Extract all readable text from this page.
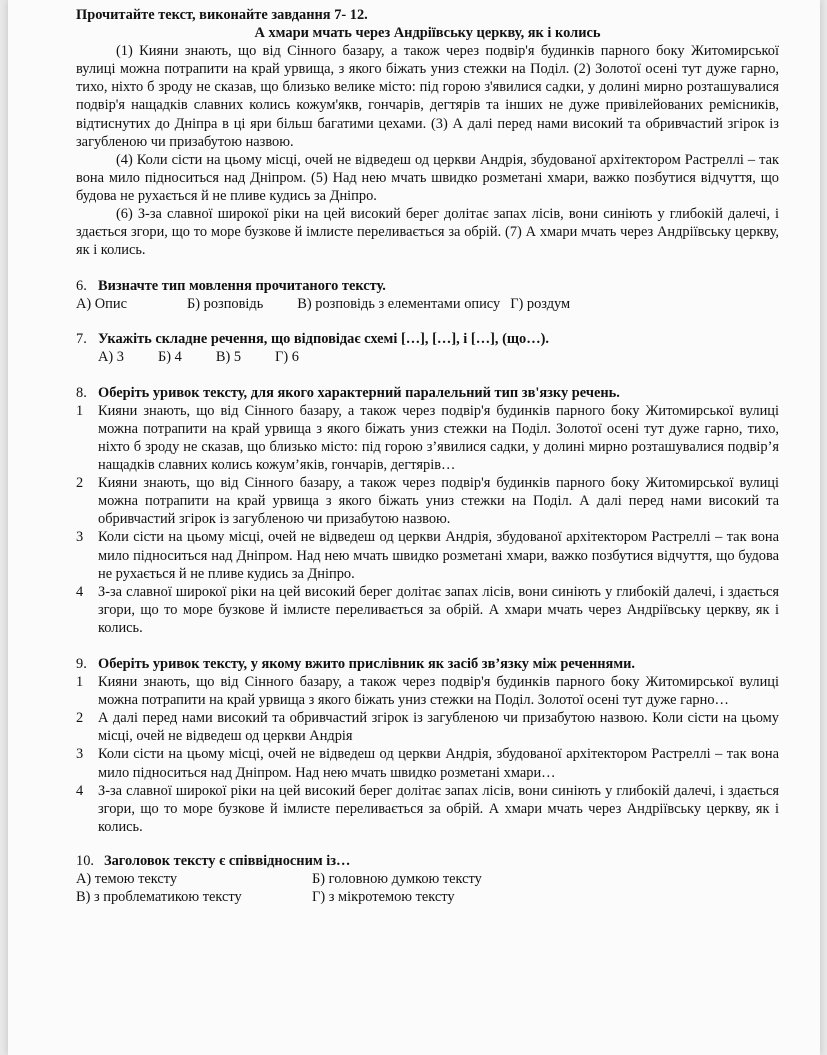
Прочитайте текст, виконайте завдання 7- 12.

А хмари мчать через Андріївську церкву, як і колись

(1) Кияни знають, що від Сінного базару, а також через подвір'я будинків парного боку Житомирської вулиці можна потрапити на край урвища, з якого біжать униз стежки на Поділ. (2) Золотої осені тут дуже гарно, тихо, ніхто б зроду не сказав, що близько велике місто: під горою з'явилися садки, у долині мирно розташувалися подвір'я нащадків славних колись кожум'якв, гончарів, дегтярів та інших не дуже привілейованих ремісників, відтиснутих до Дніпра в ці яри більш багатими цехами. (3) А далі перед нами високий та обривчастий згірок із загубленою чи призабутою назвою.

(4) Коли сісти на цьому місці, очей не відведеш од церкви Андрія, збудованої архітектором Растреллі – так вона мило підноситься над Дніпром. (5) Над нею мчать швидко розметані хмари, важко позбутися відчуття, що будова не рухається й не пливе кудись за Дніпро.

(6) З-за славної широкої ріки на цей високий берег долітає запах лісів, вони синіють у глибокій далечі, і здається згори, що то море бузкове й імлисте переливається за обрій. (7) А хмари мчать через Андріївську церкву, як і колись.

6. Визначте тип мовлення прочитаного тексту.
А) Опис	Б) розповідь В) розповідь з елементами опису Г) роздум
7. Укажіть складне речення, що відповідає схемі […], […], і […], (що…).
А) 3 Б) 4 В) 5 Г) 6
8. Оберіть уривок тексту, для якого характерний паралельний тип зв'язку речень.
1	Кияни знають, що від Сінного базару, а також через подвір'я будинків парного боку Житомирської вулиці можна потрапити на край урвища з якого біжать униз стежки на Поділ. Золотої осені тут дуже гарно, тихо, ніхто б зроду не сказав, що близько місто: під горою з’явилися садки, у долині мирно розташувалися подвір’я нащадків славних колись кожум’яків, гончарів, дегтярів…
2	Кияни знають, що від Сінного базару, а також через подвір'я будинків парного боку Житомирської вулиці можна потрапити на край урвища з якого біжать униз стежки на Поділ. А далі перед нами високий та обривчастий згірок із загубленою чи призабутою назвою.
3	Коли сісти на цьому місці, очей не відведеш од церкви Андрія, збудованої архітектором Растреллі – так вона мило підноситься над Дніпром. Над нею мчать швидко розметані хмари, важко позбутися відчуття, що будова не рухається й не пливе кудись за Дніпро.
4	З-за славної широкої ріки на цей високий берег долітає запах лісів, вони синіють у глибокій далечі, і здається згори, що то море бузкове й імлисте переливається за обрій. А хмари мчать через Андріївську церкву, як і колись.
9. Оберіть уривок тексту, у якому вжито прислівник як засіб зв’язку між реченнями.
1	Кияни знають, що від Сінного базару, а також через подвір'я будинків парного боку Житомирської вулиці можна потрапити на край урвища з якого біжать униз стежки на Поділ. Золотої осені тут дуже гарно…
2	А далі перед нами високий та обривчастий згірок із загубленою чи призабутою назвою. Коли сісти на цьому місці, очей не відведеш од церкви Андрія
3	Коли сісти на цьому місці, очей не відведеш од церкви Андрія, збудованої архітектором Растреллі – так вона мило підноситься над Дніпром. Над нею мчать швидко розметані хмари…
4	З-за славної широкої ріки на цей високий берег долітає запах лісів, вони синіють у глибокій далечі, і здається згори, що то море бузкове й імлисте переливається за обрій. А хмари мчать через Андріївську церкву, як і колись.
10. Заголовок тексту є співвідносним із…
А) темою тексту	Б) головною думкою тексту
В) з проблематикою тексту	Г) з мікротемою тексту
